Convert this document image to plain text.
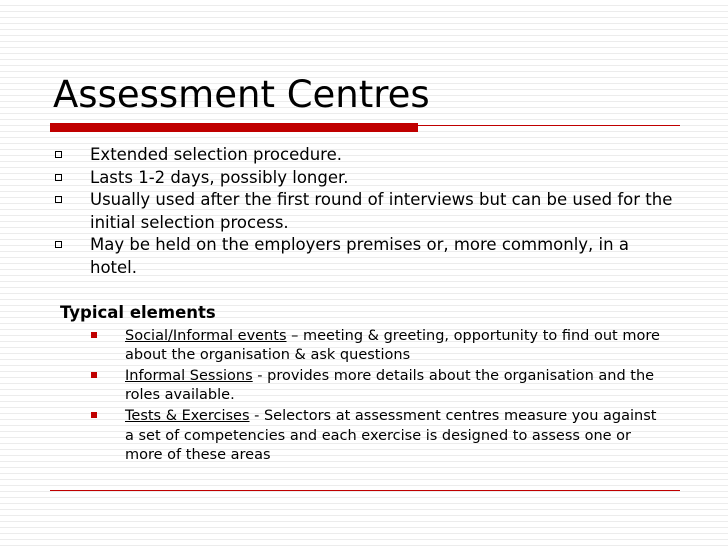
Assessment Centres
Extended selection procedure.
Lasts 1-2 days, possibly longer.
Usually used after the first round of interviews but can be used for the initial selection process.
May be held on the employers premises or, more commonly, in a hotel.

Typical elements

Social/Informal events – meeting & greeting, opportunity to find out more about the organisation & ask questions
Informal Sessions - provides more details about the organisation and the roles available.
Tests & Exercises - Selectors at assessment centres measure you against a set of competencies and each exercise is designed to assess one or more of these areas
